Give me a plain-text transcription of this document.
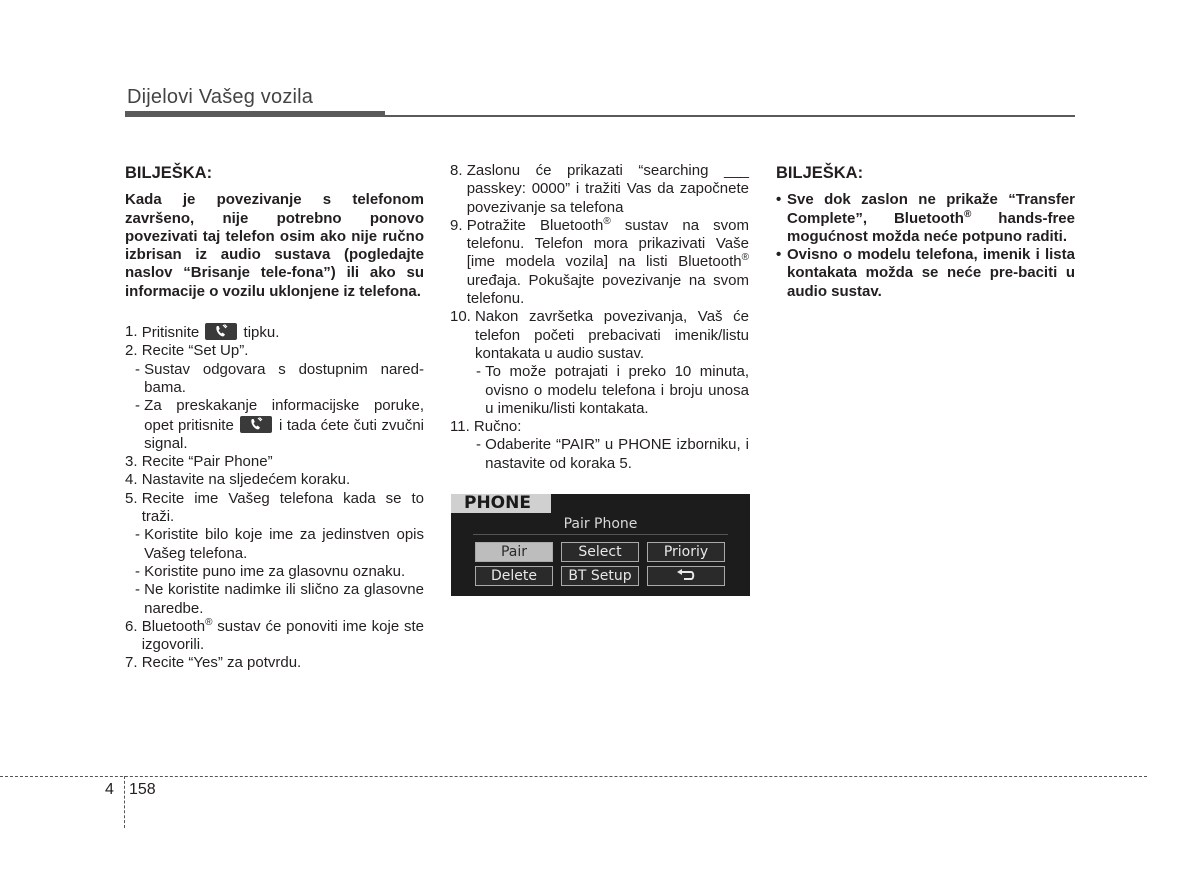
Dijelovi Vašeg vozila
BILJEŠKA:
Kada je povezivanje s telefonom završeno, nije potrebno ponovo povezivati taj telefon osim ako nije ručno izbrisan iz audio sustava (pogledajte naslov “Brisanje tele-fona”) ili ako su informacije o vozilu uklonjene iz telefona.
1. Pritisnite
tipku.
2. Recite “Set Up”.
- Sustav odgovara s dostupnim nared-bama.
- Za preskakanje informacijske poruke, opet pritisnite
i tada ćete čuti zvučni signal.
3. Recite “Pair Phone”
4. Nastavite na sljedećem koraku.
5. Recite ime Vašeg telefona kada se to traži.
- Koristite bilo koje ime za jedinstven opis Vašeg telefona.
- Koristite puno ime za glasovnu oznaku.
- Ne koristite nadimke ili slično za glasovne naredbe.
6. Bluetooth® sustav će ponoviti ime koje ste izgovorili.
7. Recite “Yes” za potvrdu.
8. Zaslonu će prikazati “searching ___ passkey: 0000” i tražiti Vas da započnete povezivanje sa telefona
9. Potražite Bluetooth® sustav na svom telefonu. Telefon mora prikazivati Vaše [ime modela vozila] na listi Bluetooth® uređaja. Pokušajte povezivanje na svom telefonu.
10. Nakon završetka povezivanja, Vaš će telefon početi prebacivati imenik/listu kontakata u audio sustav.
- To može potrajati i preko 10 minuta, ovisno o modelu telefona i broju unosa u imeniku/listi kontakata.
11. Ručno:
- Odaberite “PAIR” u PHONE izborniku, i nastavite od koraka 5.
PHONE
Pair Phone
Pair	Select	Prioriy
Delete	BT Setup
BILJEŠKA:
• Sve dok zaslon ne prikaže “Transfer Complete”, Bluetooth® hands-free mogućnost možda neće potpuno raditi.
• Ovisno o modelu telefona, imenik i lista kontakata možda se neće pre-baciti u audio sustav.
4 158
